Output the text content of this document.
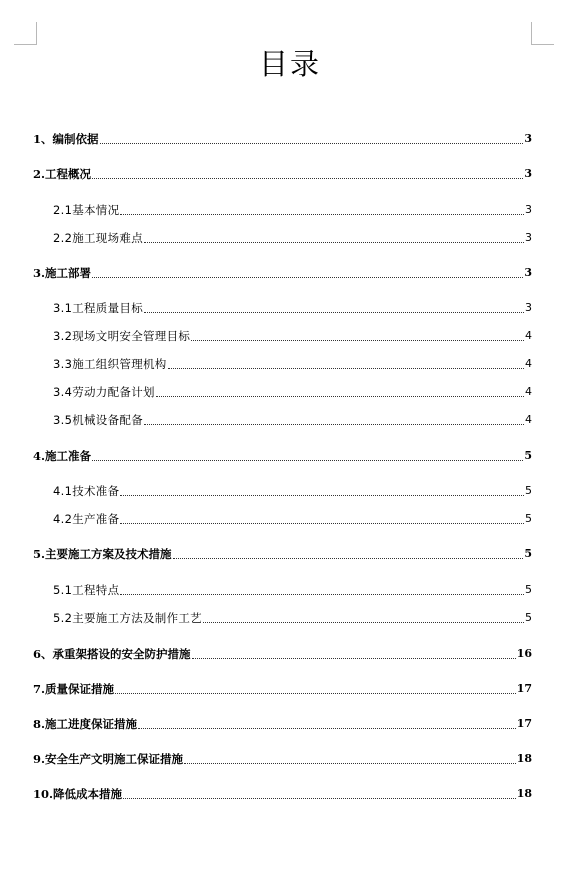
目录
1、编制依据	3
2.工程概况	3
2.1基本情况	3
2.2施工现场难点	3
3.施工部署	3
3.1工程质量目标	3
3.2现场文明安全管理目标	4
3.3施工组织管理机构	4
3.4劳动力配备计划	4
3.5机械设备配备	4
4.施工准备	5
4.1技术准备	5
4.2生产准备	5
5.主要施工方案及技术措施	5
5.1工程特点	5
5.2主要施工方法及制作工艺	5
6、承重架搭设的安全防护措施	16
7.质量保证措施	17
8.施工进度保证措施	17
9.安全生产文明施工保证措施	18
10.降低成本措施	18
